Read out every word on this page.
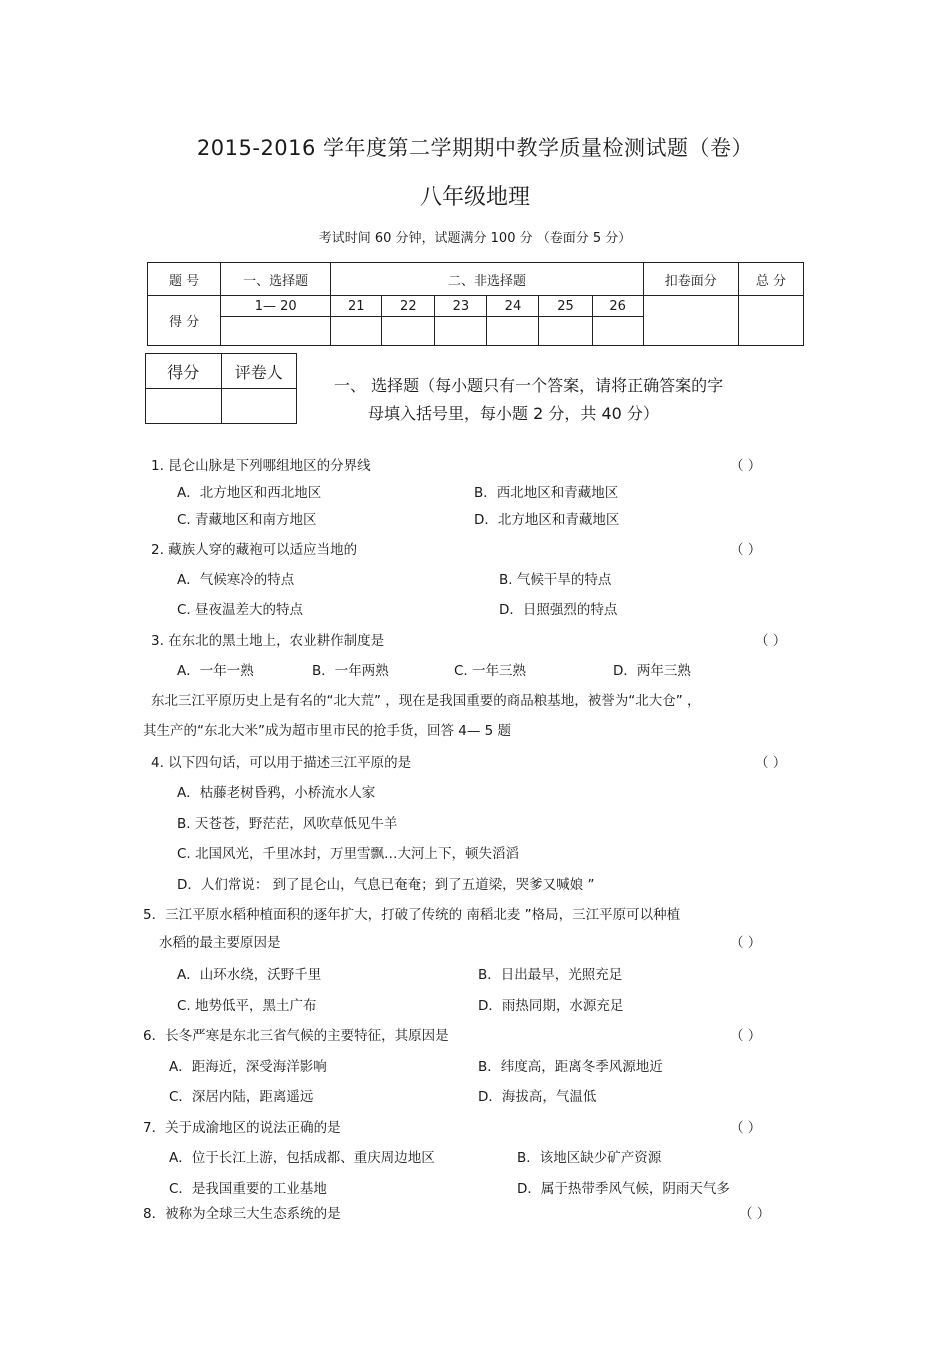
2015-2016 学年度第二学期期中教学质量检测试题（卷）
八年级地理
考试时间 60 分钟，试题满分 100 分 （卷面分 5 分）
题 号	一、选择题	二、非选择题						扣卷面分	总 分
得 分	1— 20	21	22	23	24	25	26		

得分	评卷人

一、 选择题（每小题只有一个答案，请将正确答案的字
母填入括号里，每小题 2 分，共 40 分）
1. 昆仑山脉是下列哪组地区的分界线	（ ）
A．北方地区和西北地区	B．西北地区和青藏地区
C. 青藏地区和南方地区	D．北方地区和青藏地区
2. 藏族人穿的藏袍可以适应当地的	（ ）
A．气候寒冷的特点	B. 气候干旱的特点
C. 昼夜温差大的特点	D．日照强烈的特点
3. 在东北的黑土地上，农业耕作制度是	（ ）
A．一年一熟	B．一年两熟	C. 一年三熟	D．两年三熟
东北三江平原历史上是有名的“北大荒” ，现在是我国重要的商品粮基地，被誉为“北大仓” ，
其生产的“东北大米”成为超市里市民的抢手货，回答 4— 5 题
4. 以下四句话，可以用于描述三江平原的是	（ ）
A．枯藤老树昏鸦，小桥流水人家
B. 天苍苍，野茫茫，风吹草低见牛羊
C. 北国风光，千里冰封，万里雪飘…大河上下，顿失滔滔
D．人们常说： 到了昆仑山，气息已奄奄；到了五道梁，哭爹又喊娘 ”
5．三江平原水稻种植面积的逐年扩大，打破了传统的 南稻北麦 ”格局，三江平原可以种植
水稻的最主要原因是	（ ）
A．山环水绕，沃野千里	B．日出最早，光照充足
C. 地势低平，黑土广布	D．雨热同期，水源充足
6．长冬严寒是东北三省气候的主要特征，其原因是	（ ）
A．距海近，深受海洋影响	B．纬度高，距离冬季风源地近
C．深居内陆，距离遥远	D．海拔高，气温低
7．关于成渝地区的说法正确的是	（ ）
A．位于长江上游，包括成都、重庆周边地区	B．该地区缺少矿产资源
C．是我国重要的工业基地	D．属于热带季风气候，阴雨天气多
8．被称为全球三大生态系统的是	（ ）
